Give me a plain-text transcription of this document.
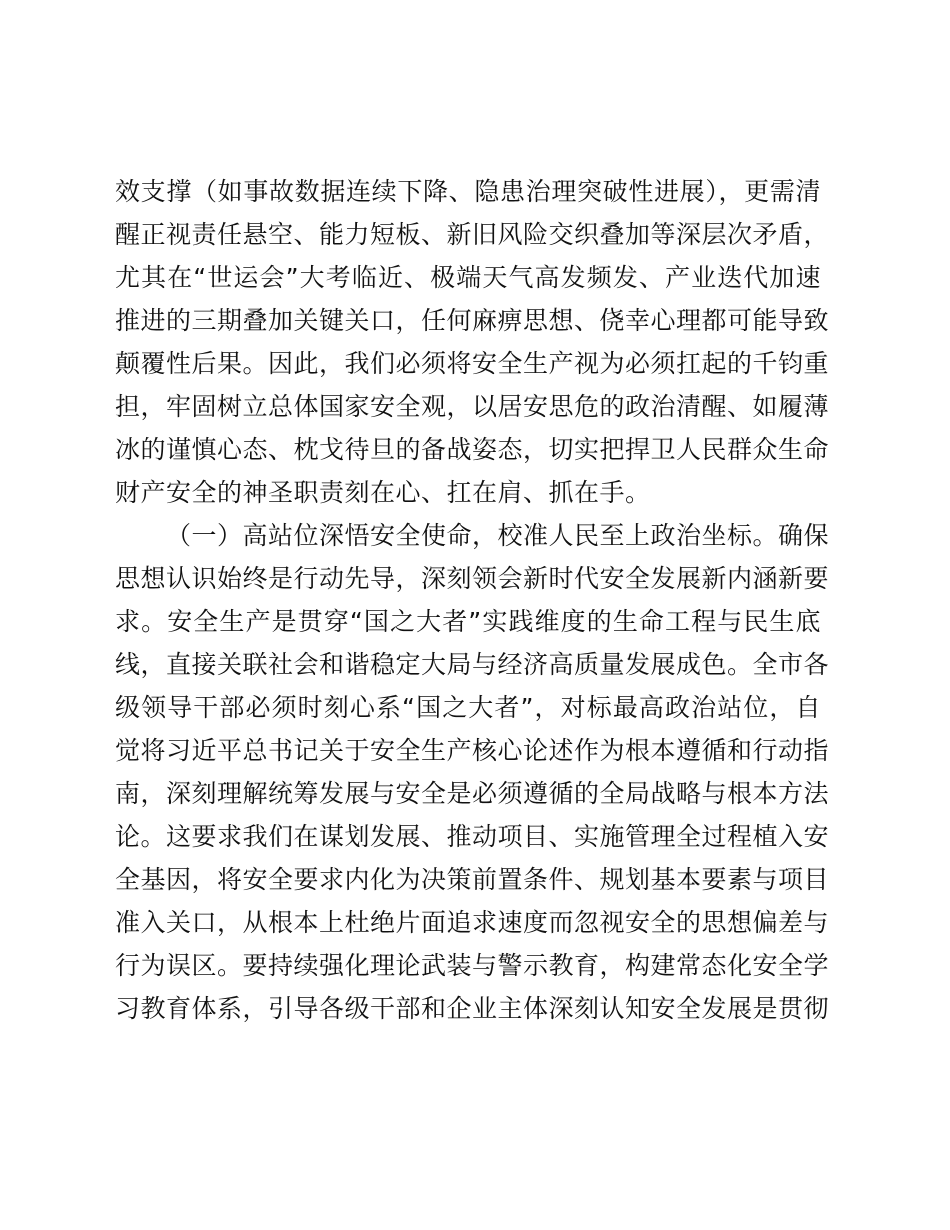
效支撑（如事故数据连续下降、隐患治理突破性进展），更需清
醒正视责任悬空、能力短板、新旧风险交织叠加等深层次矛盾，
尤其在“世运会”大考临近、极端天气高发频发、产业迭代加速
推进的三期叠加关键关口，任何麻痹思想、侥幸心理都可能导致
颠覆性后果。因此，我们必须将安全生产视为必须扛起的千钧重
担，牢固树立总体国家安全观，以居安思危的政治清醒、如履薄
冰的谨慎心态、枕戈待旦的备战姿态，切实把捍卫人民群众生命
财产安全的神圣职责刻在心、扛在肩、抓在手。
（一）高站位深悟安全使命，校准人民至上政治坐标。确保
思想认识始终是行动先导，深刻领会新时代安全发展新内涵新要
求。安全生产是贯穿“国之大者”实践维度的生命工程与民生底
线，直接关联社会和谐稳定大局与经济高质量发展成色。全市各
级领导干部必须时刻心系“国之大者”，对标最高政治站位，自
觉将习近平总书记关于安全生产核心论述作为根本遵循和行动指
南，深刻理解统筹发展与安全是必须遵循的全局战略与根本方法
论。这要求我们在谋划发展、推动项目、实施管理全过程植入安
全基因，将安全要求内化为决策前置条件、规划基本要素与项目
准入关口，从根本上杜绝片面追求速度而忽视安全的思想偏差与
行为误区。要持续强化理论武装与警示教育，构建常态化安全学
习教育体系，引导各级干部和企业主体深刻认知安全发展是贯彻
